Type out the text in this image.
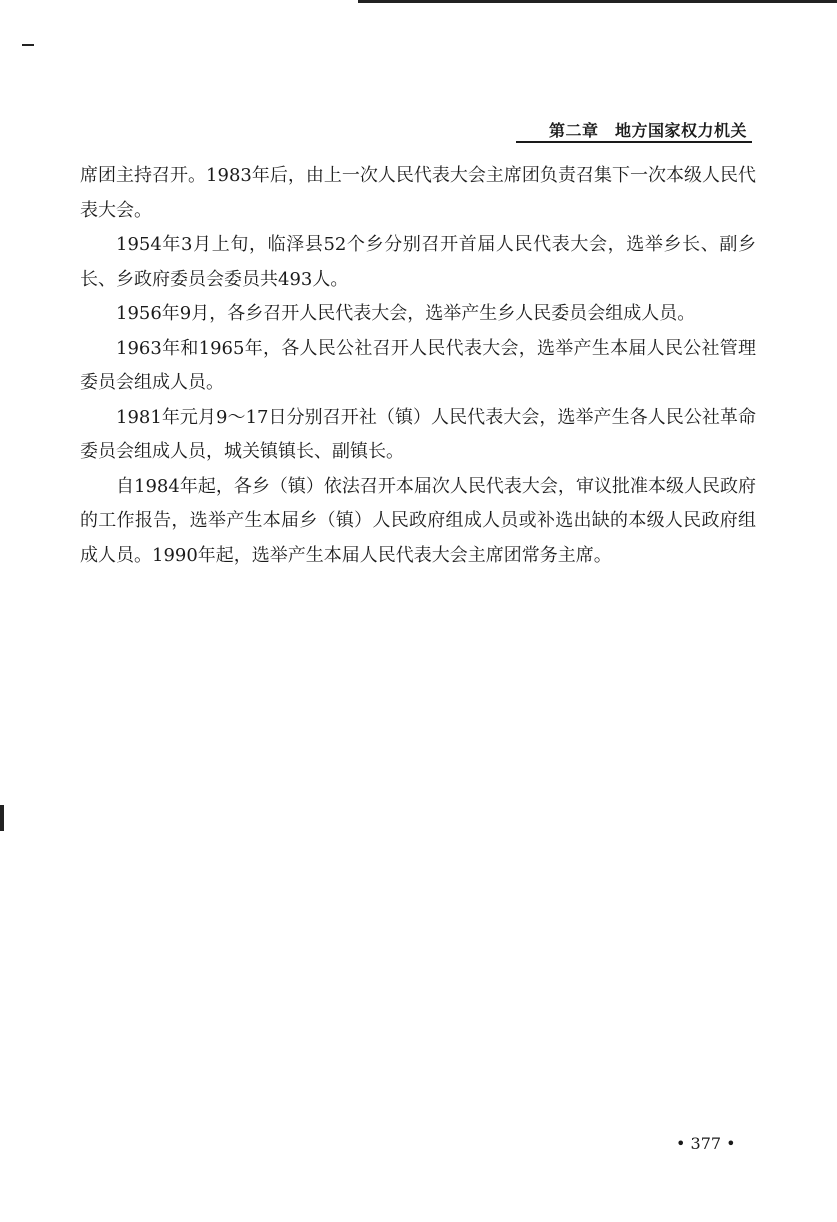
第二章　地方国家权力机关

席团主持召开。1983年后，由上一次人民代表大会主席团负责召集下一次本级人民代表大会。

1954年3月上旬，临泽县52个乡分别召开首届人民代表大会，选举乡长、副乡长、乡政府委员会委员共493人。

1956年9月，各乡召开人民代表大会，选举产生乡人民委员会组成人员。

1963年和1965年，各人民公社召开人民代表大会，选举产生本届人民公社管理委员会组成人员。

1981年元月9～17日分别召开社（镇）人民代表大会，选举产生各人民公社革命委员会组成人员，城关镇镇长、副镇长。

自1984年起，各乡（镇）依法召开本届次人民代表大会，审议批准本级人民政府的工作报告，选举产生本届乡（镇）人民政府组成人员或补选出缺的本级人民政府组成人员。1990年起，选举产生本届人民代表大会主席团常务主席。

• 377 •
